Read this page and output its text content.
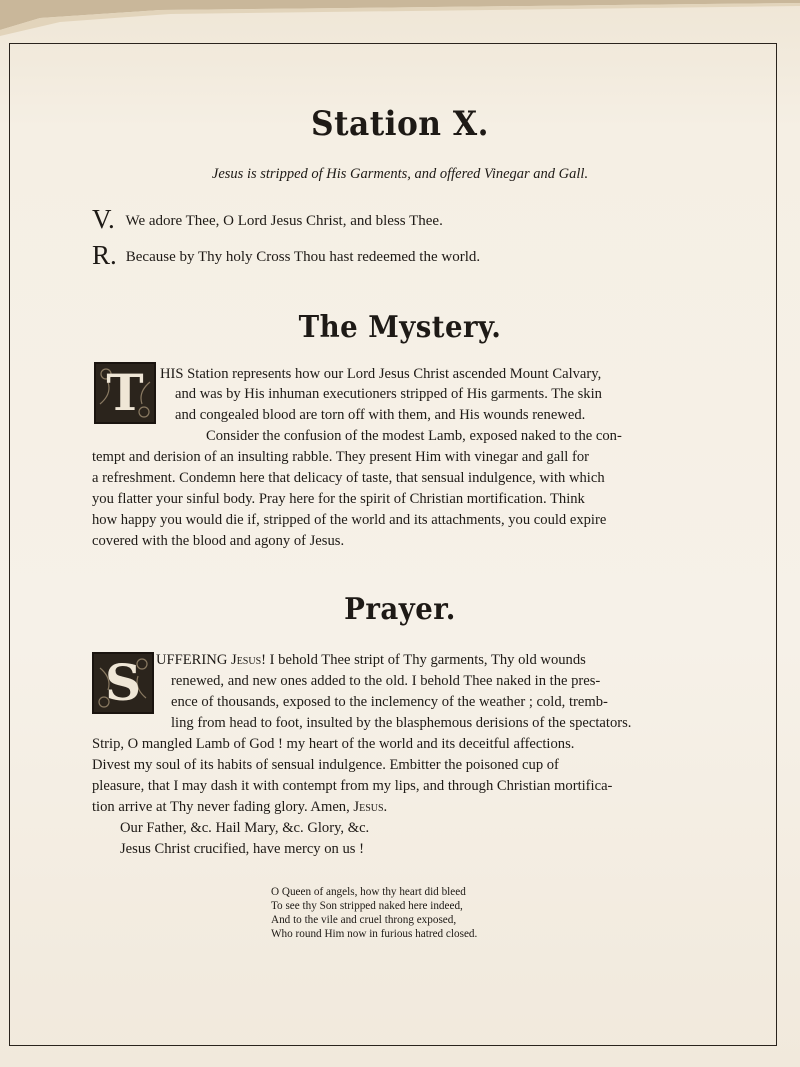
Station X.
Jesus is stripped of His Garments, and offered Vinegar and Gall.
V. We adore Thee, O Lord Jesus Christ, and bless Thee.
R. Because by Thy holy Cross Thou hast redeemed the world.
The Mystery.
T	HIS Station represents how our Lord Jesus Christ ascended Mount Calvary,
and was by His inhuman executioners stripped of His garments. The skin
and congealed blood are torn off with them, and His wounds renewed.
Consider the confusion of the modest Lamb, exposed naked to the con-
tempt and derision of an insulting rabble. They present Him with vinegar and gall for
a refreshment. Condemn here that delicacy of taste, that sensual indulgence, with which
you flatter your sinful body. Pray here for the spirit of Christian mortification. Think
how happy you would die if, stripped of the world and its attachments, you could expire
covered with the blood and agony of Jesus.
Prayer.
S	UFFERING Jesus! I behold Thee stript of Thy garments, Thy old wounds
renewed, and new ones added to the old. I behold Thee naked in the pres-
ence of thousands, exposed to the inclemency of the weather ; cold, tremb-
ling from head to foot, insulted by the blasphemous derisions of the spectators.
Strip, O mangled Lamb of God ! my heart of the world and its deceitful affections.
Divest my soul of its habits of sensual indulgence. Embitter the poisoned cup of
pleasure, that I may dash it with contempt from my lips, and through Christian mortifica-
tion arrive at Thy never fading glory. Amen, Jesus.
Our Father, &c. Hail Mary, &c. Glory, &c.
Jesus Christ crucified, have mercy on us !
O Queen of angels, how thy heart did bleed
To see thy Son stripped naked here indeed,
And to the vile and cruel throng exposed,
Who round Him now in furious hatred closed.
